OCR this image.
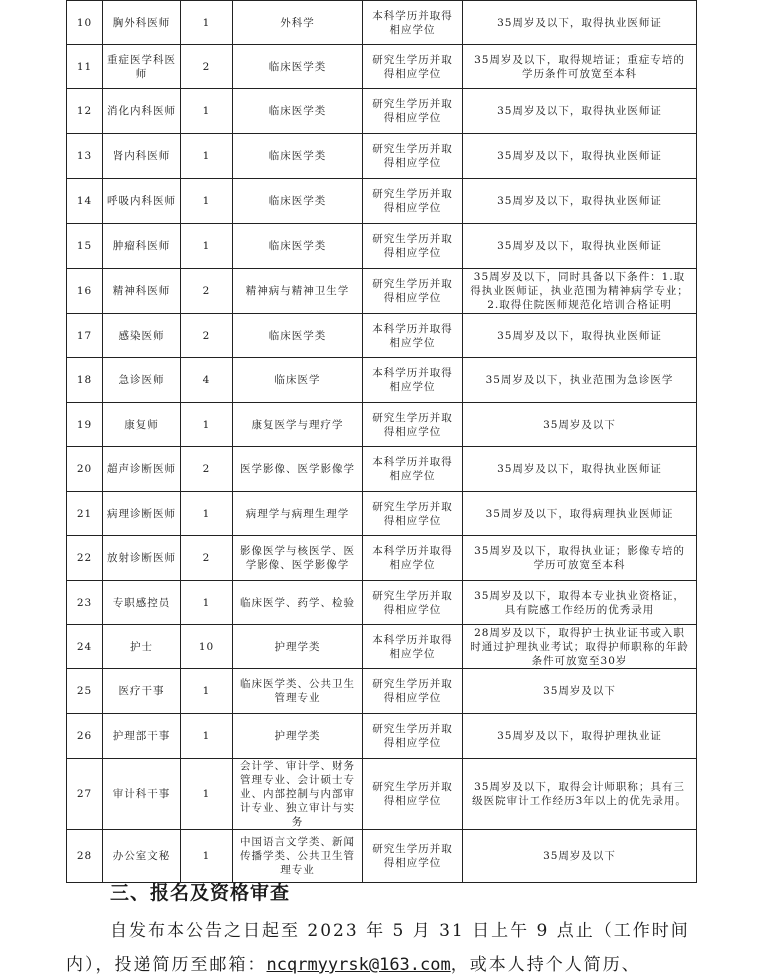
10	胸外科医师	1	外科学	本科学历并取得相应学位	35周岁及以下，取得执业医师证
11	重症医学科医师	2	临床医学类	研究生学历并取得相应学位	35周岁及以下，取得规培证；重症专培的学历条件可放宽至本科
12	消化内科医师	1	临床医学类	研究生学历并取得相应学位	35周岁及以下，取得执业医师证
13	肾内科医师	1	临床医学类	研究生学历并取得相应学位	35周岁及以下，取得执业医师证
14	呼吸内科医师	1	临床医学类	研究生学历并取得相应学位	35周岁及以下，取得执业医师证
15	肿瘤科医师	1	临床医学类	研究生学历并取得相应学位	35周岁及以下，取得执业医师证
16	精神科医师	2	精神病与精神卫生学	研究生学历并取得相应学位	35周岁及以下，同时具备以下条件：1.取得执业医师证，执业范围为精神病学专业；2.取得住院医师规范化培训合格证明
17	感染医师	2	临床医学类	本科学历并取得相应学位	35周岁及以下，取得执业医师证
18	急诊医师	4	临床医学	本科学历并取得相应学位	35周岁及以下，执业范围为急诊医学
19	康复师	1	康复医学与理疗学	研究生学历并取得相应学位	35周岁及以下
20	超声诊断医师	2	医学影像、医学影像学	本科学历并取得相应学位	35周岁及以下，取得执业医师证
21	病理诊断医师	1	病理学与病理生理学	研究生学历并取得相应学位	35周岁及以下，取得病理执业医师证
22	放射诊断医师	2	影像医学与核医学、医学影像、医学影像学	本科学历并取得相应学位	35周岁及以下，取得执业证；影像专培的学历可放宽至本科
23	专职感控员	1	临床医学、药学、检验	研究生学历并取得相应学位	35周岁及以下，取得本专业执业资格证，具有院感工作经历的优秀录用
24	护士	10	护理学类	本科学历并取得相应学位	28周岁及以下，取得护士执业证书或入职时通过护理执业考试；取得护师职称的年龄条件可放宽至30岁
25	医疗干事	1	临床医学类、公共卫生管理专业	研究生学历并取得相应学位	35周岁及以下
26	护理部干事	1	护理学类	研究生学历并取得相应学位	35周岁及以下，取得护理执业证
27	审计科干事	1	会计学、审计学、财务管理专业、会计硕士专业、内部控制与内部审计专业、独立审计与实务	研究生学历并取得相应学位	35周岁及以下，取得会计师职称；具有三级医院审计工作经历3年以上的优先录用。
28	办公室文秘	1	中国语言文学类、新闻传播学类、公共卫生管理专业	研究生学历并取得相应学位	35周岁及以下
三、报名及资格审查
自发布本公告之日起至 2023 年 5 月 31 日上午 9 点止（工作时间
内），投递简历至邮箱：ncqrmyyrsk@163.com，或本人持个人简历、
